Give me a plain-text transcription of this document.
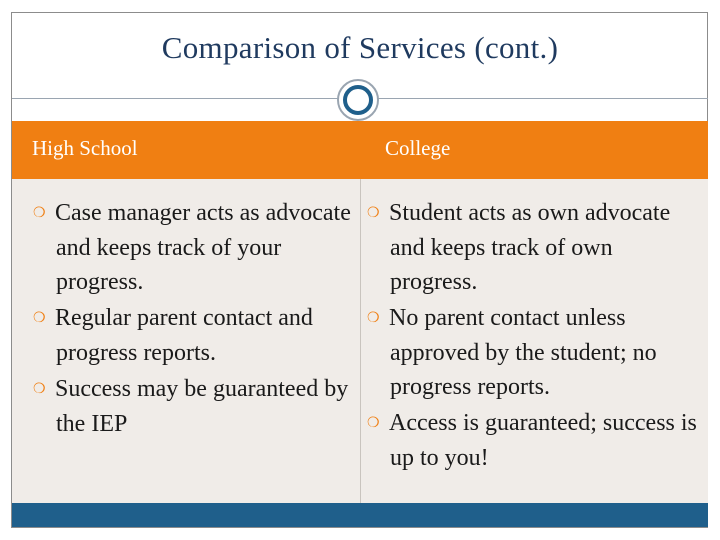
Comparison of Services (cont.)
High School	College
❍ Case manager acts as advocate and keeps track of your progress.
❍ Regular parent contact and progress reports.
❍ Success may be guaranteed by the IEP
❍ Student acts as own advocate and keeps track of own progress.
❍ No parent contact unless approved by the student; no progress reports.
❍ Access is guaranteed; success is up to you!
